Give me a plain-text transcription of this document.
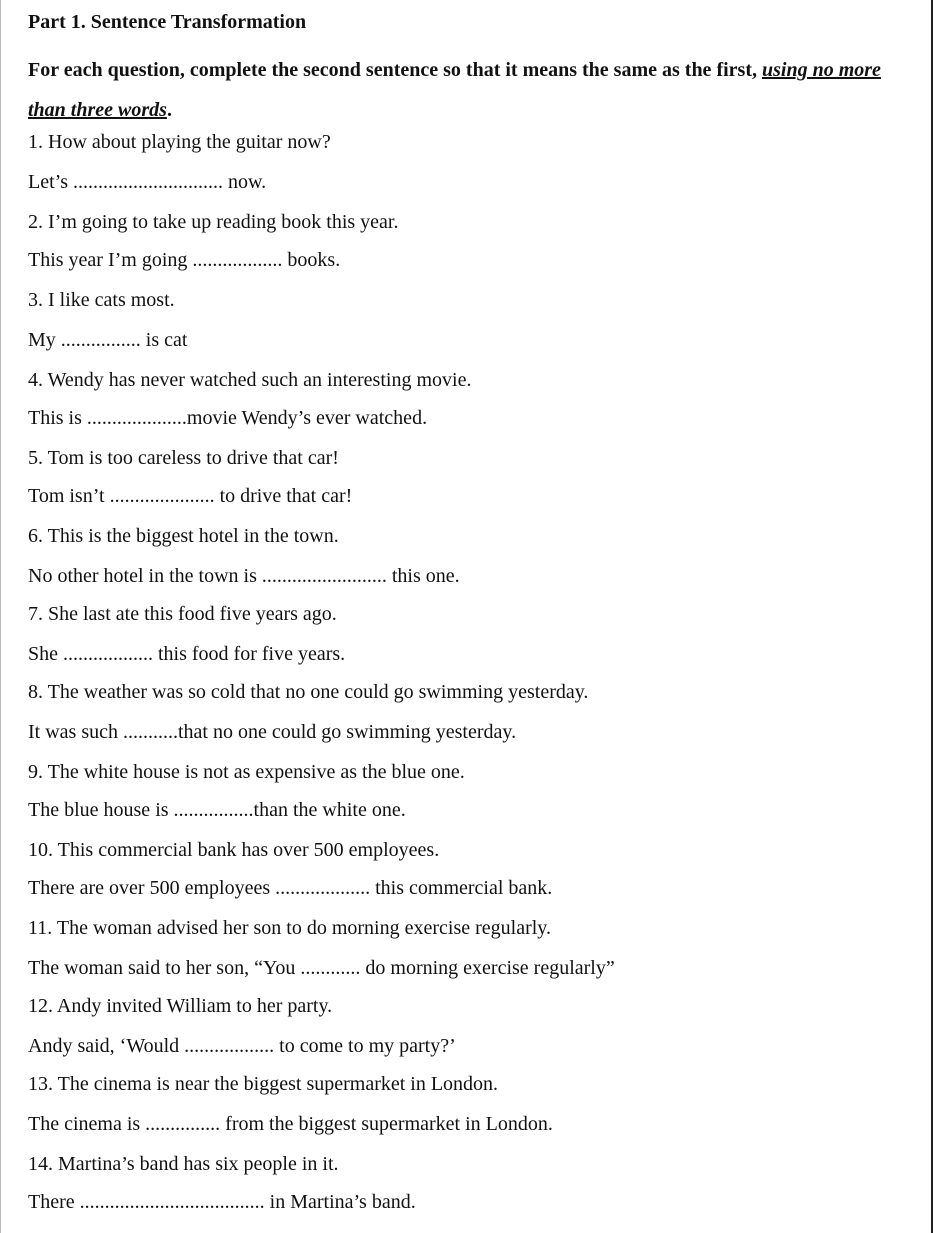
Part 1. Sentence Transformation
For each question, complete the second sentence so that it means the same as the first, using no more than three words.
1. How about playing the guitar now?
Let’s .............................. now.
2. I’m going to take up reading book this year.
This year I’m going .................. books.
3. I like cats most.
My ................ is cat
4. Wendy has never watched such an interesting movie.
This is ....................movie Wendy’s ever watched.
5. Tom is too careless to drive that car!
Tom isn’t ..................... to drive that car!
6. This is the biggest hotel in the town.
No other hotel in the town is ......................... this one.
7. She last ate this food five years ago.
She .................. this food for five years.
8. The weather was so cold that no one could go swimming yesterday.
It was such ...........that no one could go swimming yesterday.
9. The white house is not as expensive as the blue one.
The blue house is ................than the white one.
10. This commercial bank has over 500 employees.
There are over 500 employees ................... this commercial bank.
11. The woman advised her son to do morning exercise regularly.
The woman said to her son, “You ............ do morning exercise regularly”
12. Andy invited William to her party.
Andy said, ‘Would .................. to come to my party?’
13. The cinema is near the biggest supermarket in London.
The cinema is ............... from the biggest supermarket in London.
14. Martina’s band has six people in it.
There ..................................... in Martina’s band.
